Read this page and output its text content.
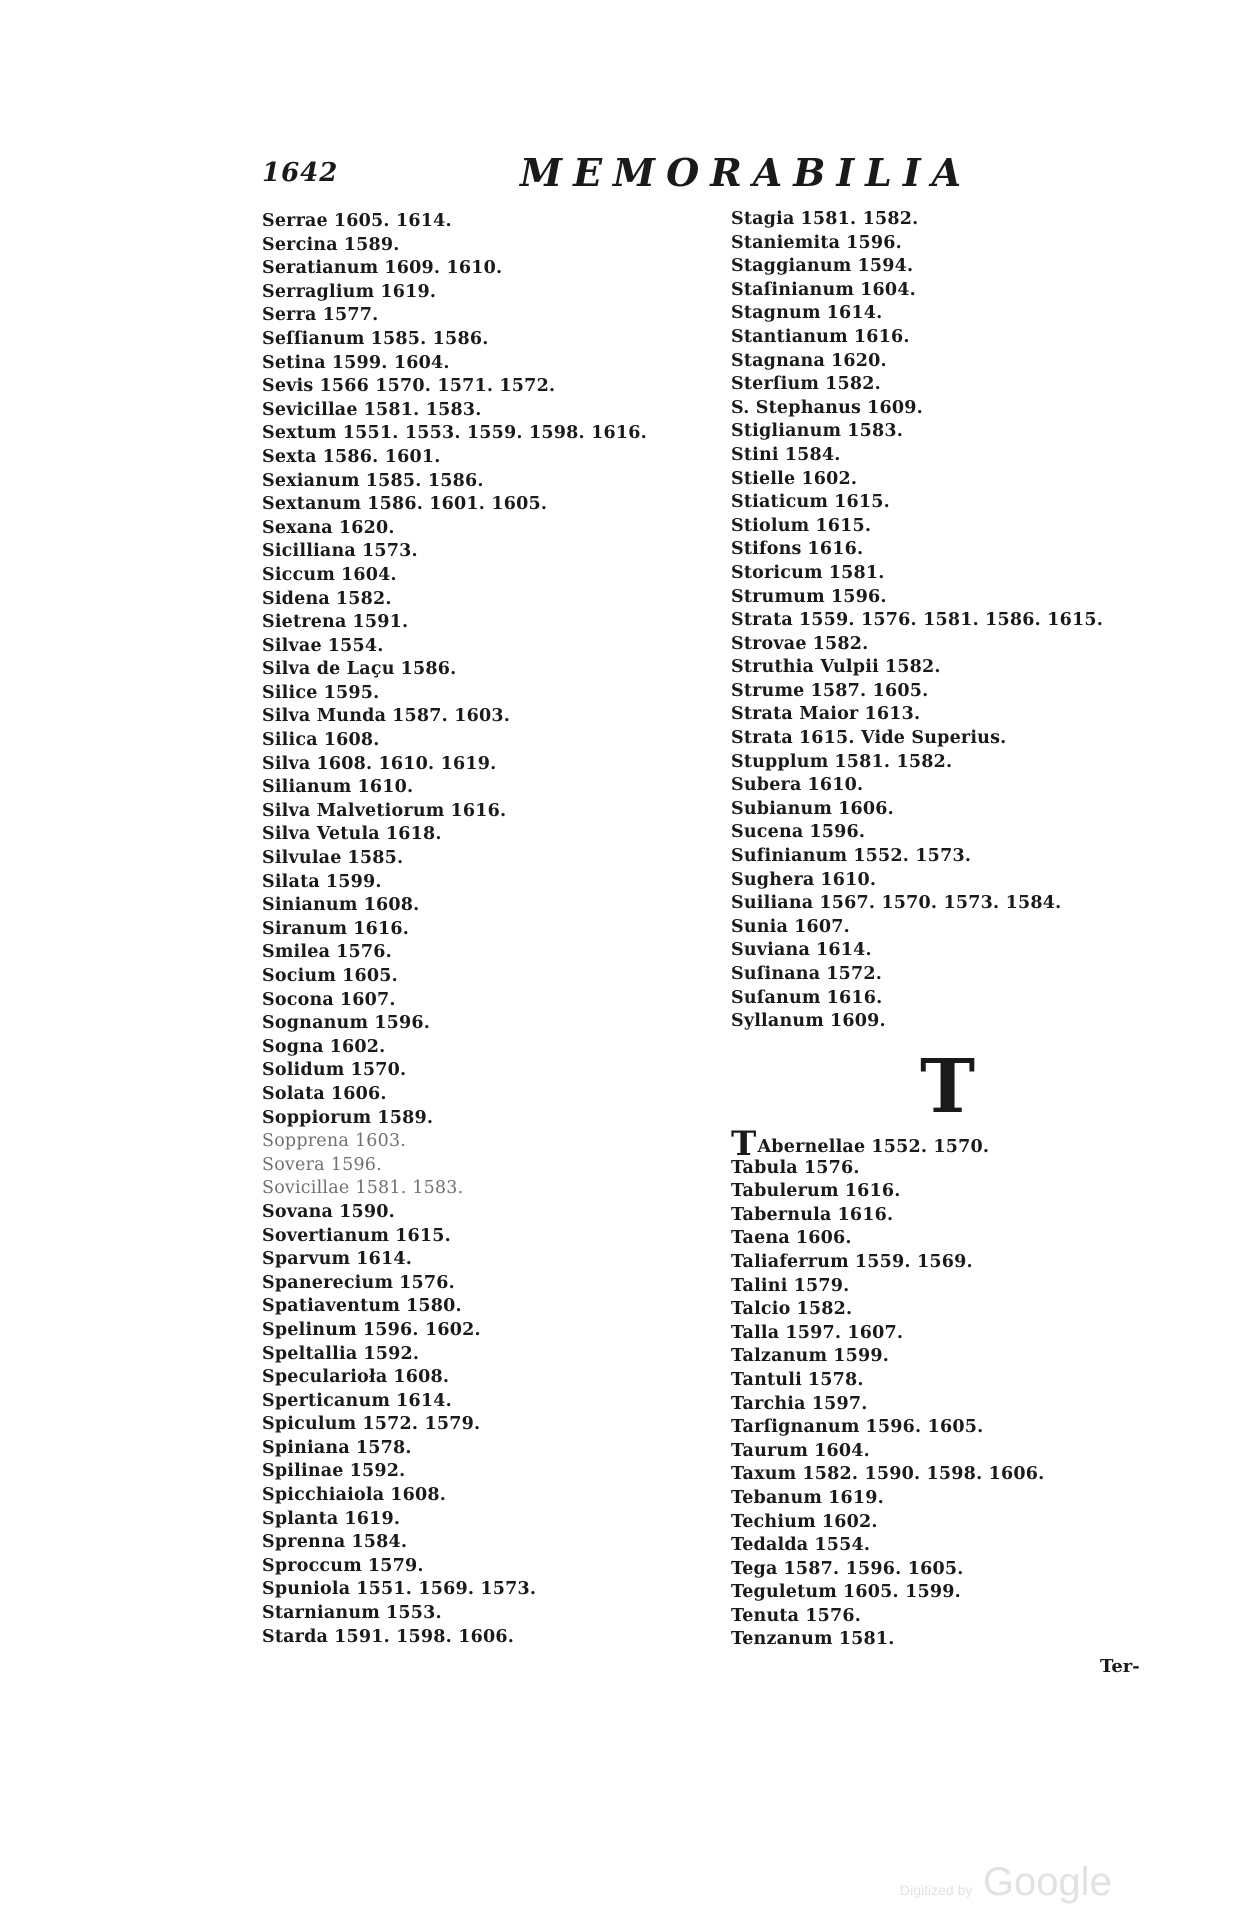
1642	MEMORABILIA
Serrae 1605. 1614.
Sercina 1589.
Seratianum 1609. 1610.
Serraglium 1619.
Serra 1577.
Seſſianum 1585. 1586.
Setina 1599. 1604.
Sevis 1566 1570. 1571. 1572.
Sevicillae 1581. 1583.
Sextum 1551. 1553. 1559. 1598. 1616.
Sexta 1586. 1601.
Sexianum 1585. 1586.
Sextanum 1586. 1601. 1605.
Sexana 1620.
Sicilliana 1573.
Siccum 1604.
Sidena 1582.
Sietrena 1591.
Silvae 1554.
Silva de Laçu 1586.
Silice 1595.
Silva Munda 1587. 1603.
Silica 1608.
Silva 1608. 1610. 1619.
Silianum 1610.
Silva Malvetiorum 1616.
Silva Vetula 1618.
Silvulae 1585.
Silata 1599.
Sinianum 1608.
Siranum 1616.
Smilea 1576.
Socium 1605.
Socona 1607.
Sognanum 1596.
Sogna 1602.
Solidum 1570.
Solata 1606.
Soppiorum 1589.
Sopprena 1603.
Sovera 1596.
Sovicillae 1581. 1583.
Sovana 1590.
Sovertianum 1615.
Sparvum 1614.
Spanerecium 1576.
Spatiaventum 1580.
Spelinum 1596. 1602.
Speltallia 1592.
Specularioła 1608.
Sperticanum 1614.
Spiculum 1572. 1579.
Spiniana 1578.
Spilinae 1592.
Spicchiaiola 1608.
Splanta 1619.
Sprenna 1584.
Sproccum 1579.
Spuniola 1551. 1569. 1573.
Starnianum 1553.
Starda 1591. 1598. 1606.
Stagia 1581. 1582.
Staniemita 1596.
Staggianum 1594.
Staſinianum 1604.
Stagnum 1614.
Stantianum 1616.
Stagnana 1620.
Sterſium 1582.
S. Stephanus 1609.
Stiglianum 1583.
Stini 1584.
Stielle 1602.
Stiaticum 1615.
Stiolum 1615.
Stifons 1616.
Storicum 1581.
Strumum 1596.
Strata 1559. 1576. 1581. 1586. 1615.
Strovae 1582.
Struthia Vulpii 1582.
Strume 1587. 1605.
Strata Maior 1613.
Strata 1615. Vide Superius.
Stupplum 1581. 1582.
Subera 1610.
Subianum 1606.
Sucena 1596.
Sufinianum 1552. 1573.
Sughera 1610.
Suiliana 1567. 1570. 1573. 1584.
Sunia 1607.
Suviana 1614.
Suſinana 1572.
Suſanum 1616.
Syllanum 1609.
T
TAbernellae 1552. 1570.
Tabula 1576.
Tabulerum 1616.
Tabernula 1616.
Taena 1606.
Taliaferrum 1559. 1569.
Talini 1579.
Talcio 1582.
Talla 1597. 1607.
Talzanum 1599.
Tantuli 1578.
Tarchia 1597.
Tarſignanum 1596. 1605.
Taurum 1604.
Taxum 1582. 1590. 1598. 1606.
Tebanum 1619.
Techium 1602.
Tedalda 1554.
Tega 1587. 1596. 1605.
Teguletum 1605. 1599.
Tenuta 1576.
Tenzanum 1581.
Ter-
Digitized by Google
